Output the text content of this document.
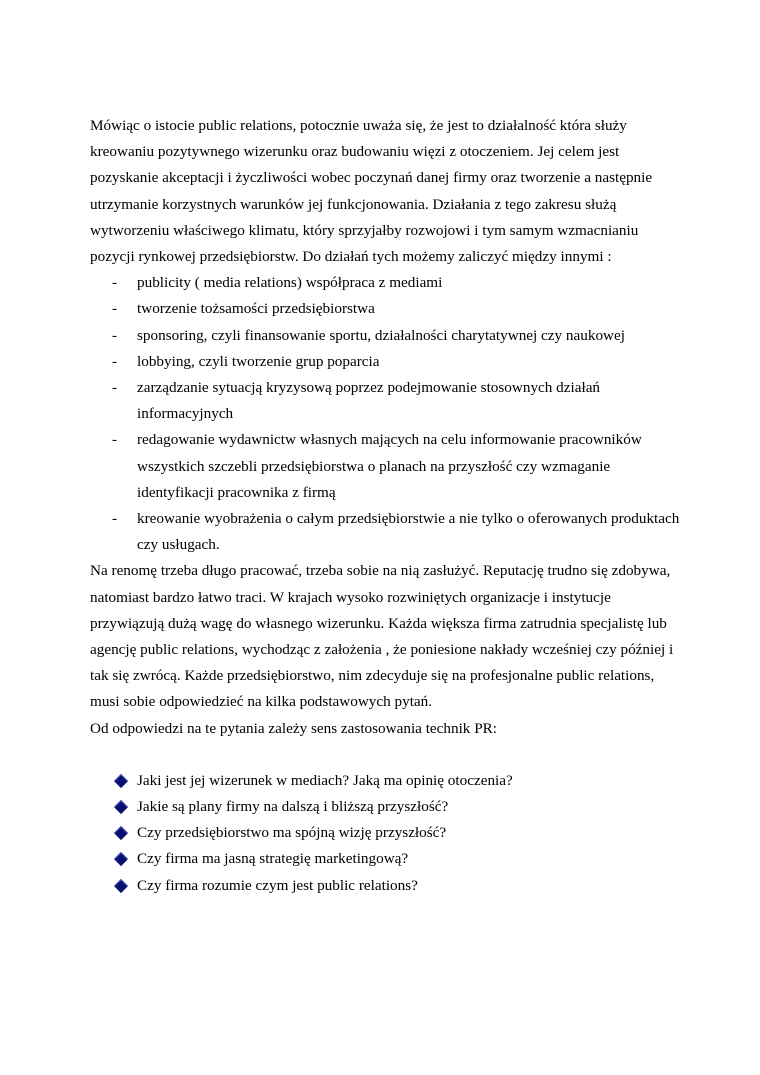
Mówiąc o istocie public relations, potocznie uważa się, że jest to działalność która służy kreowaniu pozytywnego wizerunku oraz budowaniu więzi z otoczeniem. Jej celem jest pozyskanie akceptacji i życzliwości wobec poczynań danej firmy oraz tworzenie a następnie utrzymanie korzystnych warunków jej funkcjonowania. Działania z tego zakresu służą wytworzeniu właściwego klimatu, który sprzyjałby rozwojowi i tym samym wzmacnianiu pozycji rynkowej przedsiębiorstw. Do działań tych możemy zaliczyć między innymi :

- publicity ( media relations) współpraca z mediami
- tworzenie tożsamości przedsiębiorstwa
- sponsoring, czyli finansowanie sportu, działalności charytatywnej czy naukowej
- lobbying, czyli tworzenie grup poparcia
- zarządzanie sytuacją kryzysową poprzez podejmowanie stosownych działań informacyjnych
- redagowanie wydawnictw własnych mających na celu informowanie pracowników wszystkich szczebli przedsiębiorstwa o planach na przyszłość czy wzmaganie identyfikacji pracownika z firmą
- kreowanie wyobrażenia o całym przedsiębiorstwie a nie tylko o oferowanych produktach czy usługach.

Na renomę trzeba długo pracować, trzeba sobie na nią zasłużyć. Reputację trudno się zdobywa, natomiast bardzo łatwo traci. W krajach wysoko rozwiniętych organizacje i instytucje przywiązują dużą wagę do własnego wizerunku. Każda większa firma zatrudnia specjalistę lub agencję public relations, wychodząc z założenia , że poniesione nakłady wcześniej czy później i tak się zwrócą. Każde przedsiębiorstwo, nim zdecyduje się na profesjonalne public relations, musi sobie odpowiedzieć na kilka podstawowych pytań.

Od odpowiedzi na te pytania zależy sens zastosowania technik PR:

Jaki jest jej wizerunek w mediach? Jaką ma opinię otoczenia?
Jakie są plany firmy na dalszą i bliższą przyszłość?
Czy przedsiębiorstwo ma spójną wizję przyszłość?
Czy firma ma jasną strategię marketingową?
Czy firma rozumie czym jest public relations?
